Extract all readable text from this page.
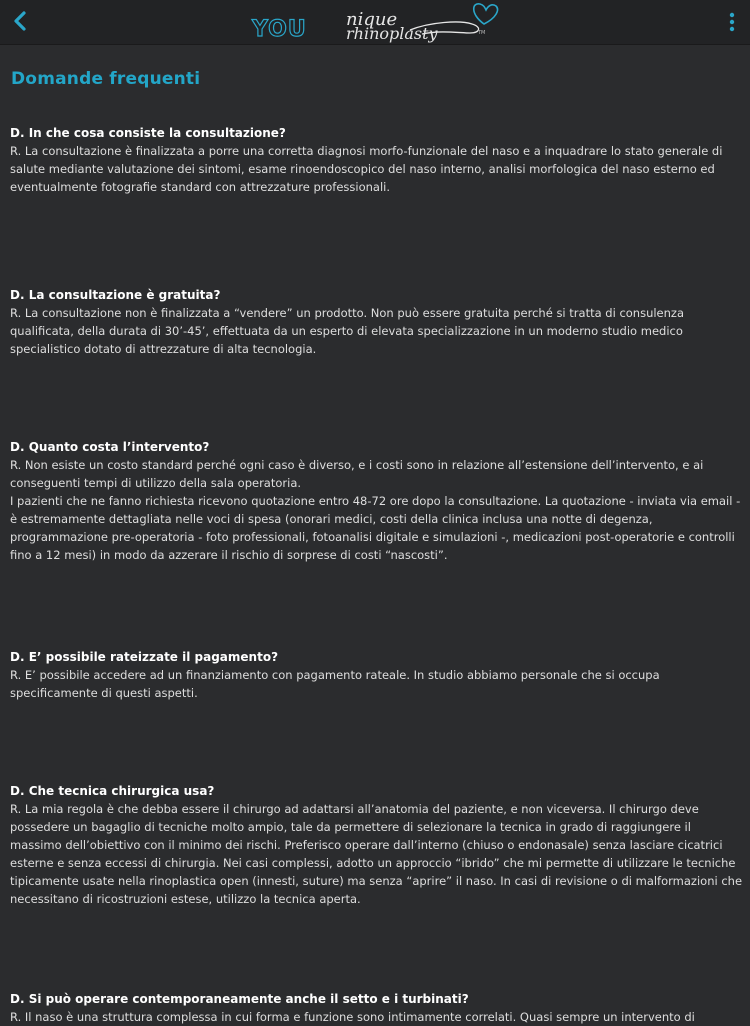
YOU nique
rhinoplasty	TM
Domande frequenti
D. In che cosa consiste la consultazione?

R. La consultazione è finalizzata a porre una corretta diagnosi morfo-funzionale del naso e a inquadrare lo stato generale di salute mediante valutazione dei sintomi, esame rinoendoscopico del naso interno, analisi morfologica del naso esterno ed eventualmente fotografie standard con attrezzature professionali.

D. La consultazione è gratuita?

R. La consultazione non è finalizzata a “vendere” un prodotto. Non può essere gratuita perché si tratta di consulenza qualificata, della durata di 30’-45’, effettuata da un esperto di elevata specializzazione in un moderno studio medico specialistico dotato di attrezzature di alta tecnologia.

D. Quanto costa l’intervento?

R. Non esiste un costo standard perché ogni caso è diverso, e i costi sono in relazione all’estensione dell’intervento, e ai conseguenti tempi di utilizzo della sala operatoria.

I pazienti che ne fanno richiesta ricevono quotazione entro 48-72 ore dopo la consultazione. La quotazione - inviata via email - è estremamente dettagliata nelle voci di spesa (onorari medici, costi della clinica inclusa una notte di degenza, programmazione pre-operatoria - foto professionali, fotoanalisi digitale e simulazioni -, medicazioni post-operatorie e controlli fino a 12 mesi) in modo da azzerare il rischio di sorprese di costi “nascosti”.

D. E’ possibile rateizzate il pagamento?

R. E’ possibile accedere ad un finanziamento con pagamento rateale. In studio abbiamo personale che si occupa specificamente di questi aspetti.

D. Che tecnica chirurgica usa?

R. La mia regola è che debba essere il chirurgo ad adattarsi all’anatomia del paziente, e non viceversa. Il chirurgo deve possedere un bagaglio di tecniche molto ampio, tale da permettere di selezionare la tecnica in grado di raggiungere il massimo dell’obiettivo con il minimo dei rischi. Preferisco operare dall’interno (chiuso o endonasale) senza lasciare cicatrici esterne e senza eccessi di chirurgia. Nei casi complessi, adotto un approccio “ibrido” che mi permette di utilizzare le tecniche tipicamente usate nella rinoplastica open (innesti, suture) ma senza “aprire” il naso. In casi di revisione o di malformazioni che necessitano di ricostruzioni estese, utilizzo la tecnica aperta.

D. Si può operare contemporaneamente anche il setto e i turbinati?

R. Il naso è una struttura complessa in cui forma e funzione sono intimamente correlati. Quasi sempre un intervento di
